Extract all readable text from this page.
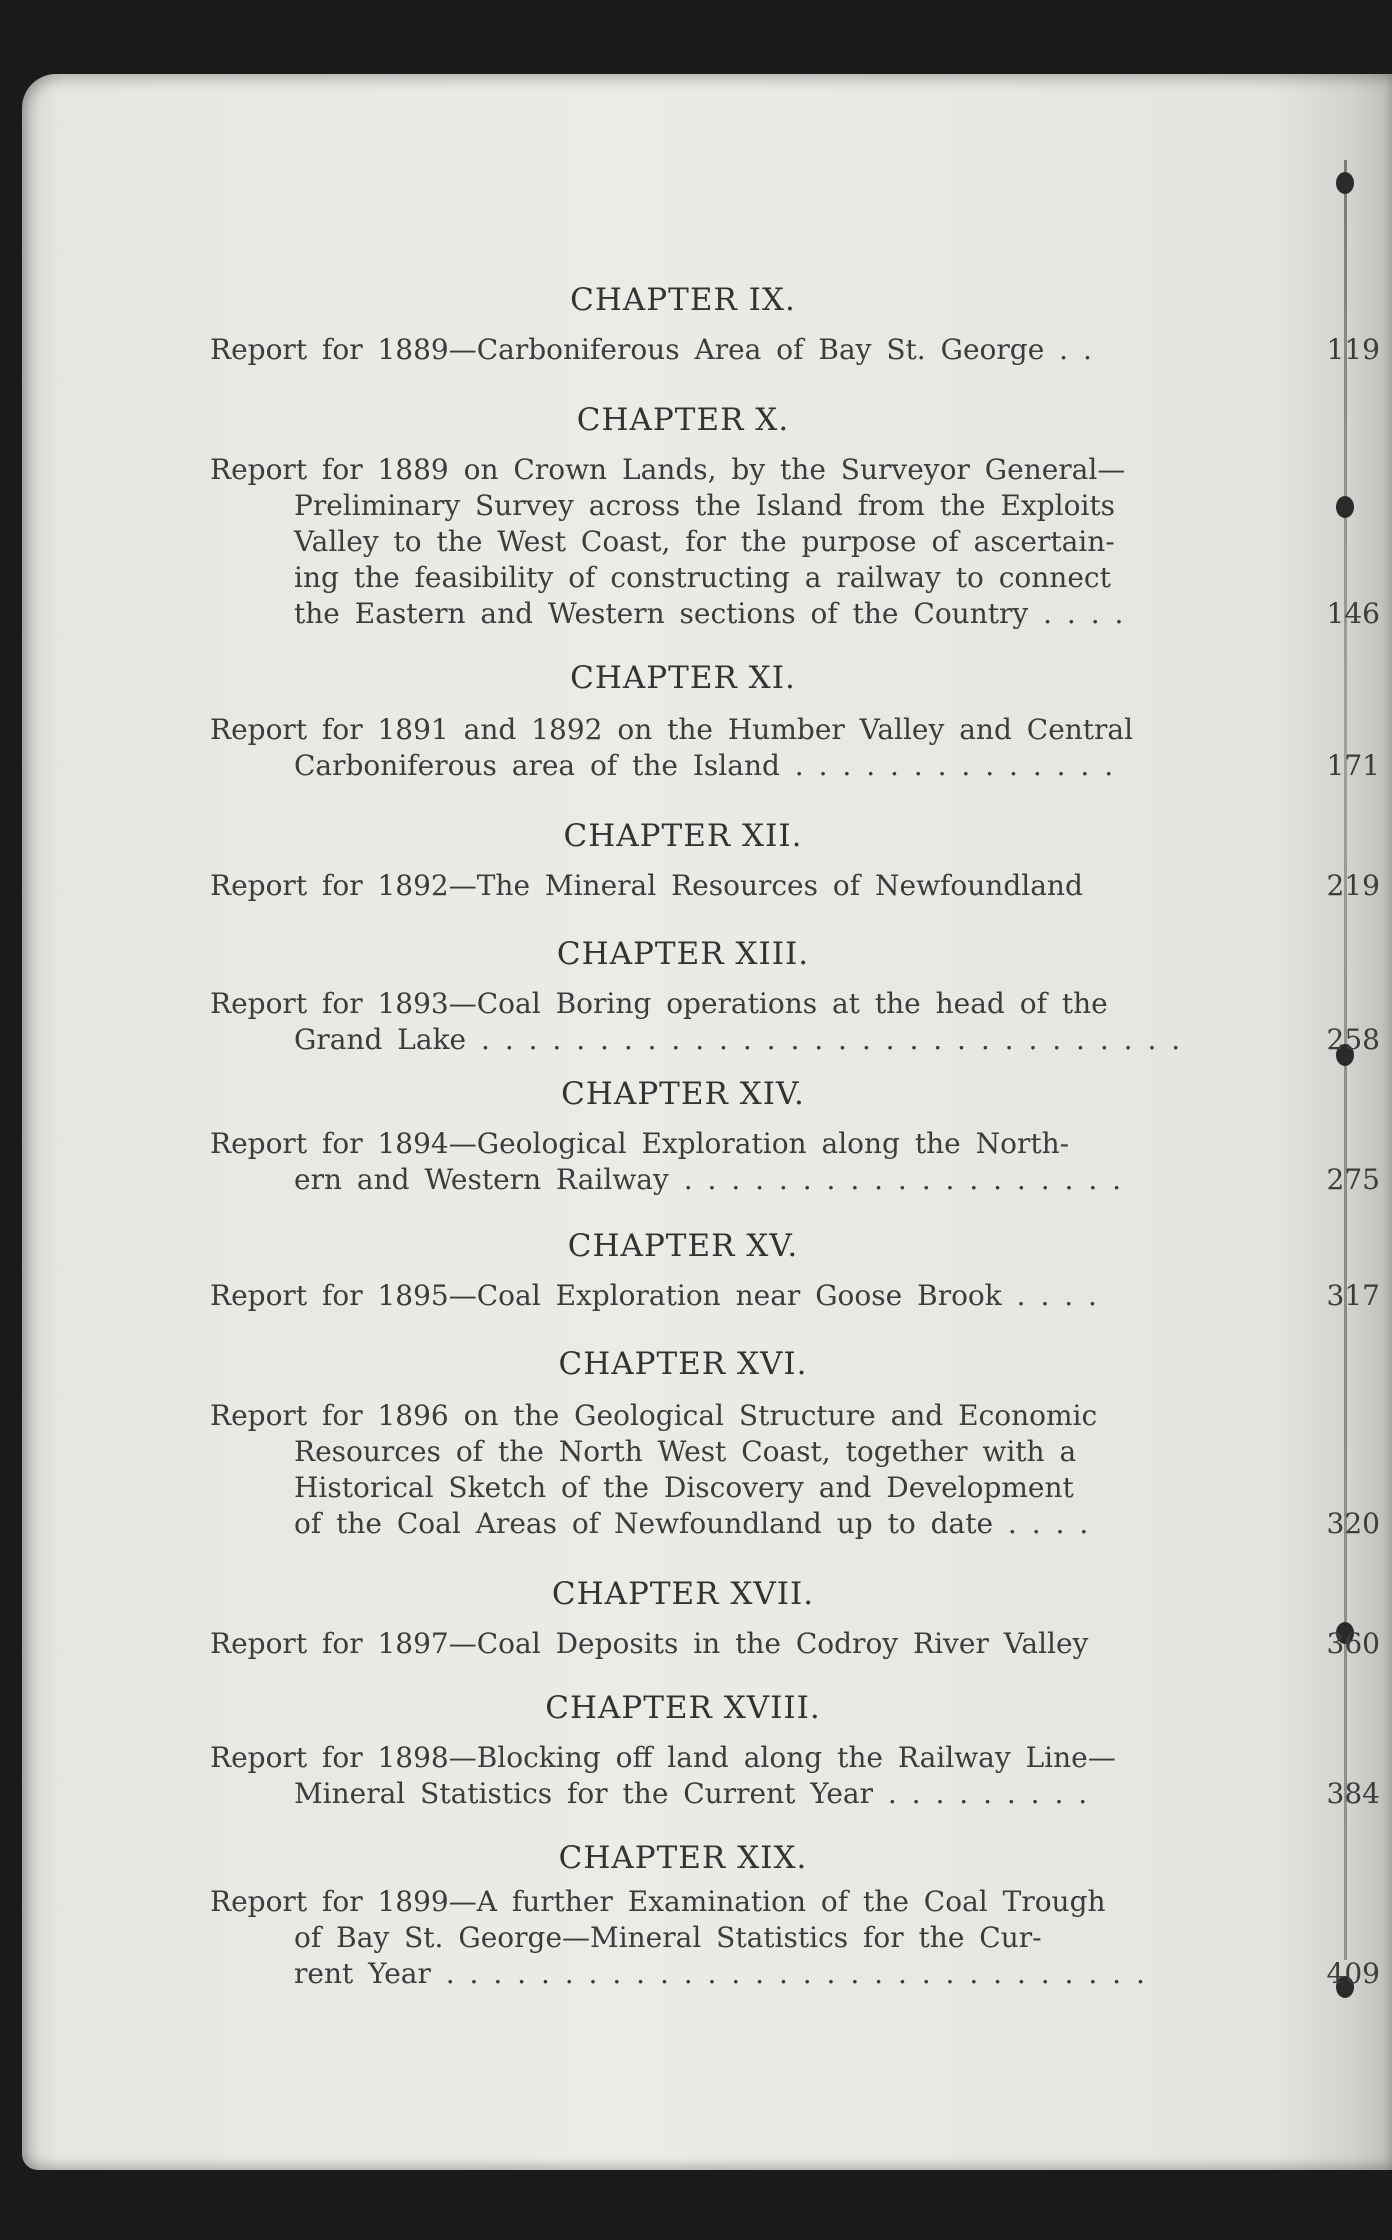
CHAPTER IX.
Report for 1889—Carboniferous Area of Bay St. George . .	119
CHAPTER X.
Report for 1889 on Crown Lands, by the Surveyor General—
Preliminary Survey across the Island from the Exploits
Valley to the West Coast, for the purpose of ascertain-
ing the feasibility of constructing a railway to connect
the Eastern and Western sections of the Country . . . .	146
CHAPTER XI.
Report for 1891 and 1892 on the Humber Valley and Central
Carboniferous area of the Island . . . . . . . . . . . . . .	171
CHAPTER XII.
Report for 1892—The Mineral Resources of Newfoundland	219
CHAPTER XIII.
Report for 1893—Coal Boring operations at the head of the
Grand Lake . . . . . . . . . . . . . . . . . . . . . . . . . . . . . .	258
CHAPTER XIV.
Report for 1894—Geological Exploration along the North-
ern and Western Railway . . . . . . . . . . . . . . . . . . .	275
CHAPTER XV.
Report for 1895—Coal Exploration near Goose Brook . . . .	317
CHAPTER XVI.
Report for 1896 on the Geological Structure and Economic
Resources of the North West Coast, together with a
Historical Sketch of the Discovery and Development
of the Coal Areas of Newfoundland up to date . . . .	320
CHAPTER XVII.
Report for 1897—Coal Deposits in the Codroy River Valley	360
CHAPTER XVIII.
Report for 1898—Blocking off land along the Railway Line—
Mineral Statistics for the Current Year . . . . . . . . .	384
CHAPTER XIX.
Report for 1899—A further Examination of the Coal Trough
of Bay St. George—Mineral Statistics for the Cur-
rent Year . . . . . . . . . . . . . . . . . . . . . . . . . . . . . .	409
